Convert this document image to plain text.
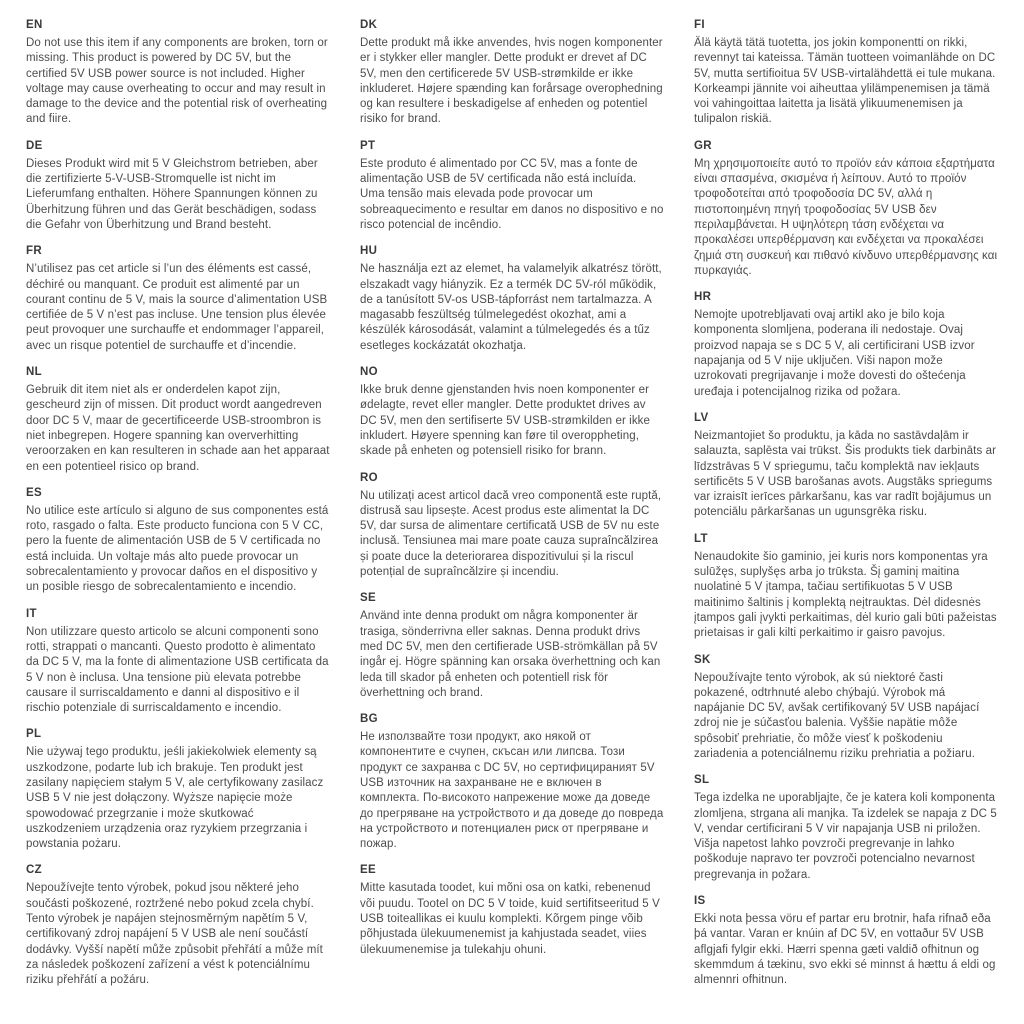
EN

Do not use this item if any components are broken, torn or missing. This product is powered by DC 5V, but the certified 5V USB power source is not included. Higher voltage may cause overheating to occur and may result in damage to the device and the potential risk of overheating and fiire.

DE

Dieses Produkt wird mit 5 V Gleichstrom betrieben, aber die zertifizierte 5-V-USB-Stromquelle ist nicht im Lieferumfang enthalten. Höhere Spannungen können zu Überhitzung führen und das Gerät beschädigen, sodass die Gefahr von Überhitzung und Brand besteht.

FR

N’utilisez pas cet article si l’un des éléments est cassé, déchiré ou manquant. Ce produit est alimenté par un courant continu de 5 V, mais la source d’alimentation USB certifiée de 5 V n’est pas incluse. Une tension plus élevée peut provoquer une surchauffe et endommager l’appareil, avec un risque potentiel de surchauffe et d’incendie.

NL

Gebruik dit item niet als er onderdelen kapot zijn, gescheurd zijn of missen. Dit product wordt aangedreven door DC 5 V, maar de gecertificeerde USB-stroombron is niet inbegrepen. Hogere spanning kan oververhitting veroorzaken en kan resulteren in schade aan het apparaat en een potentieel risico op brand.

ES

No utilice este artículo si alguno de sus componentes está roto, rasgado o falta. Este producto funciona con 5 V CC, pero la fuente de alimentación USB de 5 V certificada no está incluida. Un voltaje más alto puede provocar un sobrecalentamiento y provocar daños en el dispositivo y un posible riesgo de sobrecalentamiento e incendio.

IT

Non utilizzare questo articolo se alcuni componenti sono rotti, strappati o mancanti. Questo prodotto è alimentato da DC 5 V, ma la fonte di alimentazione USB certificata da 5 V non è inclusa. Una tensione più elevata potrebbe causare il surriscaldamento e danni al dispositivo e il rischio potenziale di surriscaldamento e incendio.

PL

Nie używaj tego produktu, jeśli jakiekolwiek elementy są uszkodzone, podarte lub ich brakuje. Ten produkt jest zasilany napięciem stałym 5 V, ale certyfikowany zasilacz USB 5 V nie jest dołączony. Wyższe napięcie może spowodować przegrzanie i może skutkować uszkodzeniem urządzenia oraz ryzykiem przegrzania i powstania pożaru.

CZ

Nepoužívejte tento výrobek, pokud jsou některé jeho součásti poškozené, roztržené nebo pokud zcela chybí. Tento výrobek je napájen stejnosměrným napětím 5 V, certifikovaný zdroj napájení 5 V USB ale není součástí dodávky. Vyšší napětí může způsobit přehřátí a může mít za následek poškození zařízení a vést k potenciálnímu riziku přehřátí a požáru.

DK

Dette produkt må ikke anvendes, hvis nogen komponenter er i stykker eller mangler. Dette produkt er drevet af DC 5V, men den certificerede 5V USB-strømkilde er ikke inkluderet. Højere spænding kan forårsage overophedning og kan resultere i beskadigelse af enheden og potentiel risiko for brand.

PT

Este produto é alimentado por CC 5V, mas a fonte de alimentação USB de 5V certificada não está incluída. Uma tensão mais elevada pode provocar um sobreaquecimento e resultar em danos no dispositivo e no risco potencial de incêndio.

HU

Ne használja ezt az elemet, ha valamelyik alkatrész törött, elszakadt vagy hiányzik. Ez a termék DC 5V-ról működik, de a tanúsított 5V-os USB-tápforrást nem tartalmazza. A magasabb feszültség túlmelegedést okozhat, ami a készülék károsodását, valamint a túlmelegedés és a tűz esetleges kockázatát okozhatja.

NO

Ikke bruk denne gjenstanden hvis noen komponenter er ødelagte, revet eller mangler. Dette produktet drives av DC 5V, men den sertifiserte 5V USB-strømkilden er ikke inkludert. Høyere spenning kan føre til overoppheting, skade på enheten og potensiell risiko for brann.

RO

Nu utilizați acest articol dacă vreo componentă este ruptă, distrusă sau lipsește. Acest produs este alimentat la DC 5V, dar sursa de alimentare certificată USB de 5V nu este inclusă. Tensiunea mai mare poate cauza supraîncălzirea și poate duce la deteriorarea dispozitivului și la riscul potențial de supraîncălzire și incendiu.

SE

Använd inte denna produkt om några komponenter är trasiga, sönderrivna eller saknas. Denna produkt drivs med DC 5V, men den certifierade USB-strömkällan på 5V ingår ej. Högre spänning kan orsaka överhettning och kan leda till skador på enheten och potentiell risk för överhettning och brand.

BG

Не използвайте този продукт, ако някой от компонентите е счупен, скъсан или липсва. Този продукт се захранва с DC 5V, но сертифицираният 5V USB източник на захранване не е включен в комплекта. По-високото напрежение може да доведе до прегряване на устройството и да доведе до повреда на устройството и потенциален риск от прегряване и пожар.

EE

Mitte kasutada toodet, kui mõni osa on katki, rebenenud või puudu. Tootel on DC 5 V toide, kuid sertifitseeritud 5 V USB toiteallikas ei kuulu komplekti. Kõrgem pinge võib põhjustada ülekuumenemist ja kahjustada seadet, viies ülekuumenemise ja tulekahju ohuni.

FI

Älä käytä tätä tuotetta, jos jokin komponentti on rikki, revennyt tai kateissa. Tämän tuotteen voimanlähde on DC 5V, mutta sertifioitua 5V USB-virtalähdettä ei tule mukana. Korkeampi jännite voi aiheuttaa ylilämpenemisen ja tämä voi vahingoittaa laitetta ja lisätä ylikuumenemisen ja tulipalon riskiä.

GR

Μη χρησιμοποιείτε αυτό το προϊόν εάν κάποια εξαρτήματα είναι σπασμένα, σκισμένα ή λείπουν. Αυτό το προϊόν τροφοδοτείται από τροφοδοσία DC 5V, αλλά η πιστοποιημένη πηγή τροφοδοσίας 5V USB δεν περιλαμβάνεται. Η υψηλότερη τάση ενδέχεται να προκαλέσει υπερθέρμανση και ενδέχεται να προκαλέσει ζημιά στη συσκευή και πιθανό κίνδυνο υπερθέρμανσης και πυρκαγιάς.

HR

Nemojte upotrebljavati ovaj artikl ako je bilo koja komponenta slomljena, poderana ili nedostaje. Ovaj proizvod napaja se s DC 5 V, ali certificirani USB izvor napajanja od 5 V nije uključen. Viši napon može uzrokovati pregrijavanje i može dovesti do oštećenja uređaja i potencijalnog rizika od požara.

LV

Neizmantojiet šo produktu, ja kāda no sastāvdaļām ir salauzta, saplēsta vai trūkst. Šis produkts tiek darbināts ar līdzstrāvas 5 V spriegumu, taču komplektā nav iekļauts sertificēts 5 V USB barošanas avots. Augstāks spriegums var izraisīt ierīces pārkaršanu, kas var radīt bojājumus un potenciālu pārkaršanas un ugunsgrēka risku.

LT

Nenaudokite šio gaminio, jei kuris nors komponentas yra sulūžęs, suplyšęs arba jo trūksta. Šį gaminį maitina nuolatinė 5 V įtampa, tačiau sertifikuotas 5 V USB maitinimo šaltinis į komplektą neįtrauktas. Dėl didesnės įtampos gali įvykti perkaitimas, dėl kurio gali būti pažeistas prietaisas ir gali kilti perkaitimo ir gaisro pavojus.

SK

Nepoužívajte tento výrobok, ak sú niektoré časti pokazené, odtrhnuté alebo chýbajú. Výrobok má napájanie DC 5V, avšak certifikovaný 5V USB napájací zdroj nie je súčasťou balenia. Vyššie napätie môže spôsobiť prehriatie, čo môže viesť k poškodeniu zariadenia a potenciálnemu riziku prehriatia a požiaru.

SL

Tega izdelka ne uporabljajte, če je katera koli komponenta zlomljena, strgana ali manjka. Ta izdelek se napaja z DC 5 V, vendar certificirani 5 V vir napajanja USB ni priložen. Višja napetost lahko povzroči pregrevanje in lahko poškoduje napravo ter povzroči potencialno nevarnost pregrevanja in požara.

IS

Ekki nota þessa vöru ef partar eru brotnir, hafa rifnað eða þá vantar. Varan er knúin af DC 5V, en vottaður 5V USB aflgjafi fylgir ekki. Hærri spenna gæti valdið ofhitnun og skemmdum á tækinu, svo ekki sé minnst á hættu á eldi og almennri ofhitnun.
